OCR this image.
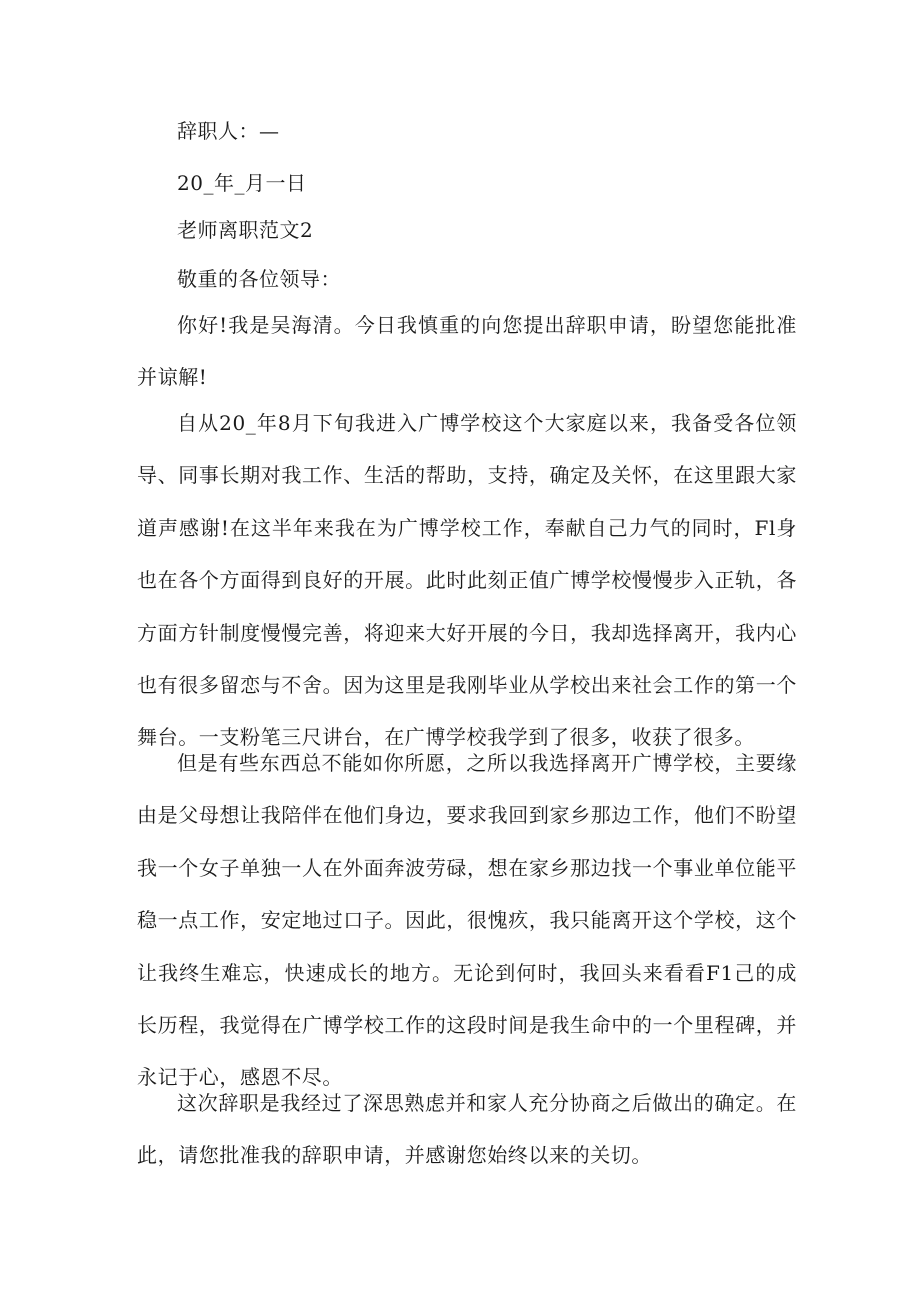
辞职人：—
20_年_月一日
老师离职范文2
敬重的各位领导：
你好!我是吴海清。今日我慎重的向您提出辞职申请，盼望您能批准并谅解!
自从20_年8月下旬我进入广博学校这个大家庭以来，我备受各位领导、同事长期对我工作、生活的帮助，支持，确定及关怀，在这里跟大家道声感谢!在这半年来我在为广博学校工作，奉献自己力气的同时，Fl身也在各个方面得到良好的开展。此时此刻正值广博学校慢慢步入正轨，各方面方针制度慢慢完善，将迎来大好开展的今日，我却选择离开，我内心也有很多留恋与不舍。因为这里是我刚毕业从学校出来社会工作的第一个舞台。一支粉笔三尺讲台，在广博学校我学到了很多，收获了很多。
但是有些东西总不能如你所愿，之所以我选择离开广博学校，主要缘由是父母想让我陪伴在他们身边，要求我回到家乡那边工作，他们不盼望我一个女子单独一人在外面奔波劳碌，想在家乡那边找一个事业单位能平稳一点工作，安定地过口子。因此，很愧疚，我只能离开这个学校，这个让我终生难忘，快速成长的地方。无论到何时，我回头来看看F1己的成长历程，我觉得在广博学校工作的这段时间是我生命中的一个里程碑，并永记于心，感恩不尽。
这次辞职是我经过了深思熟虑并和家人充分协商之后做出的确定。在此，请您批准我的辞职申请，并感谢您始终以来的关切。
